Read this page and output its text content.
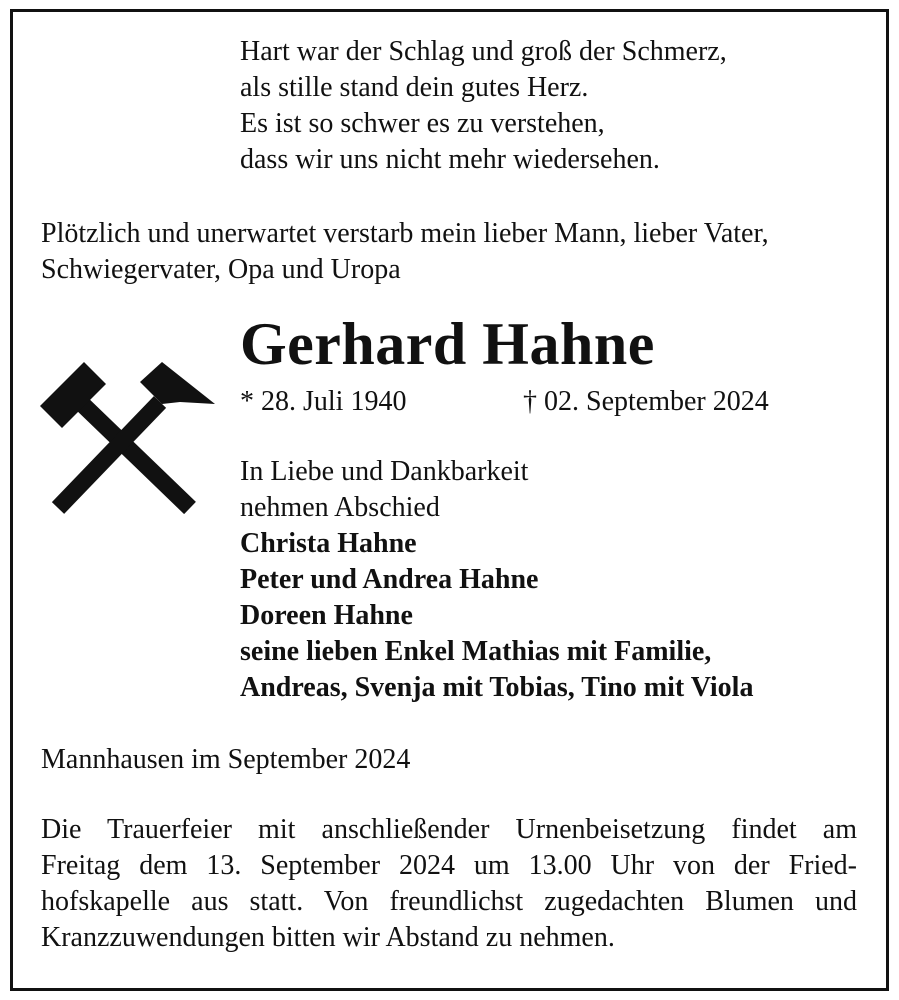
Hart war der Schlag und groß der Schmerz,
als stille stand dein gutes Herz.
Es ist so schwer es zu verstehen,
dass wir uns nicht mehr wiedersehen.
Plötzlich und unerwartet verstarb mein lieber Mann, lieber Vater,
Schwiegervater, Opa und Uropa
Gerhard Hahne
* 28. Juli 1940	† 02. September 2024
In Liebe und Dankbarkeit
nehmen Abschied
Christa Hahne
Peter und Andrea Hahne
Doreen Hahne
seine lieben Enkel Mathias mit Familie,
Andreas, Svenja mit Tobias, Tino mit Viola
Mannhausen im September 2024
Die Trauerfeier mit anschließender Urnenbeisetzung findet am
Freitag dem 13. September 2024 um 13.00 Uhr von der Fried-
hofskapelle aus statt. Von freundlichst zugedachten Blumen und
Kranzzuwendungen bitten wir Abstand zu nehmen.
